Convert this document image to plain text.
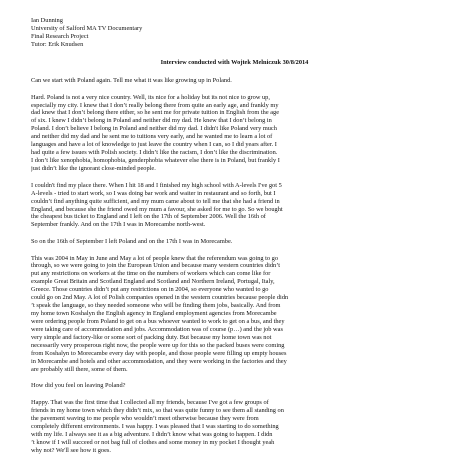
Ian Dunning

University of Salford MA TV Documentary

Final Research Project

Tutor: Erik Knudsen

Interview conducted with Wojtek Melniczuk 30/8/2014
Can we start with Poland again. Tell me what it was like growing up in Poland.
Hard. Poland is not a very nice country. Well, its nice for a holiday but its not nice to grow up,
especially my city. I knew that I don’t really belong there from quite an early age, and frankly my
dad knew that I don’t belong there either, so he sent me for private tuition in English from the age
of six. I knew I didn’t belong in Poland and neither did my dad. He knew that I don’t belong in
Poland. I don’t believe I belong in Poland and neither did my dad. I didn't like Poland very much
and neither did my dad and he sent me to tuitions very early, and he wanted me to learn a lot of
languages and have a lot of knowledge to just leave the country when I can, so I did years after. I
had quite a few issues with Polish society. I didn’t like the racism, I don’t like the discrimination.
I don’t like xenophobia, homophobia, genderphobia whatever else there is in Poland, but frankly I
just didn’t like the ignorant close-minded people.
I couldn't find my place there. When I hit 18 and I finished my high school with A-levels I've got 5
A-levels - tried to start work, so I was doing bar work and waiter in restaurant and so forth, but I
couldn’t find anything quite sufficient, and my mum came about to tell me that she had a friend in
England, and because she the friend owed my mum a favour, she asked for me to go. So we bought
the cheapest bus ticket to England and I left on the 17th of September 2006. Well the 16th of
September frankly. And on the 17th I was in Morecambe north-west.
So on the 16th of September I left Poland and on the 17th I was in Morecambe.
This was 2004 in May in June and May a lot of people knew that the referendum was going to go
through, so we were going to join the European Union and because many western countries didn’t
put any restrictions on workers at the time on the numbers of workers which can come like for
example Great Britain and Scotland England and Scotland and Northern Ireland, Portugal, Italy,
Greece. Those countries didn’t put any restrictions on in 2004, so everyone who wanted to go
could go on 2nd May. A lot of Polish companies opened in the western countries because people didn
’t speak the language, so they needed someone who will be finding them jobs, basically. And from
my home town Koshalyn the English agency in England employment agencies from Morecambe
were ordering people from Poland to get on a bus whoever wanted to work to get on a bus, and they
were taking care of accommodation and jobs. Accommodation was of course (p…) and the job was
very simple and factory-like or some sort of packing duty. But because my home town was not
necessarily very prosperous right now, the people were up for this so the packed buses were coming
from Koshalyn to Morecambe every day with people, and those people were filling up empty houses
in Morecambe and hotels and other accommodation, and they were working in the factories and they
are probably still there, some of them.
How did you feel on leaving Poland?
Happy. That was the first time that I collected all my friends, because I've got a few groups of
friends in my home town which they didn’t mix, so that was quite funny to see them all standing on
the pavement waving to me people who wouldn’t meet otherwise because they were from
completely different environments. I was happy. I was pleased that I was starting to do something
with my life. I always see it as a big adventure. I didn’t know what was going to happen. I didn
’t know if I will succeed or not bag full of clothes and some money in my pocket I thought yeah
why not? We'll see how it goes.
